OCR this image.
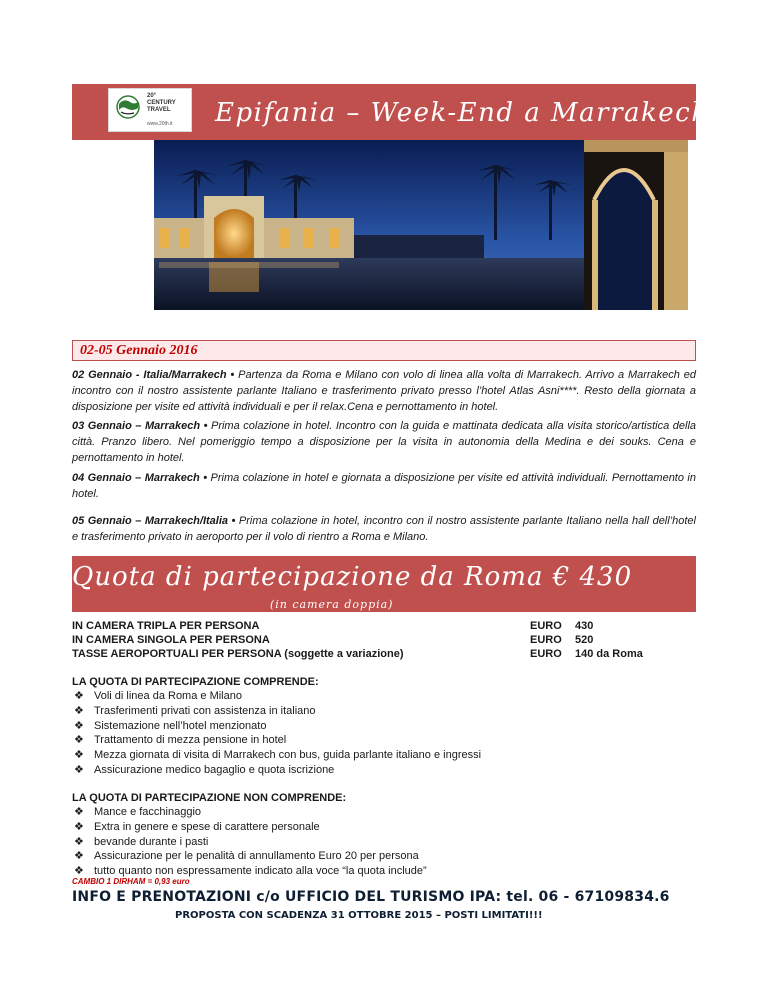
20°
CENTURY
TRAVEL
www.20th.it Epifania – Week-End a Marrakech
02-05 Gennaio 2016
02 Gennaio - Italia/Marrakech • Partenza da Roma e Milano con volo di linea alla volta di Marrakech. Arrivo a Marrakech ed incontro con il nostro assistente parlante Italiano e trasferimento privato presso l’hotel Atlas Asni****. Resto della giornata a disposizione per visite ed attività individuali e per il relax.Cena e pernottamento in hotel.
03 Gennaio – Marrakech • Prima colazione in hotel. Incontro con la guida e mattinata dedicata alla visita storico/artistica della città. Pranzo libero. Nel pomeriggio tempo a disposizione per la visita in autonomia della Medina e dei souks. Cena e pernottamento in hotel.
04 Gennaio – Marrakech • Prima colazione in hotel e giornata a disposizione per visite ed attività individuali. Pernottamento in hotel.
05 Gennaio – Marrakech/Italia • Prima colazione in hotel, incontro con il nostro assistente parlante Italiano nella hall dell’hotel e trasferimento privato in aeroporto per il volo di rientro a Roma e Milano.
Quota di partecipazione da Roma € 430
(in camera doppia)
IN CAMERA TRIPLA PER PERSONA	EURO 430
IN CAMERA SINGOLA PER PERSONA	EURO 520
TASSE AEROPORTUALI PER PERSONA (soggette a variazione)	EURO 140 da Roma
LA QUOTA DI PARTECIPAZIONE COMPRENDE:
❖ Voli di linea da Roma e Milano
❖ Trasferimenti privati con assistenza in italiano
❖ Sistemazione nell’hotel menzionato
❖ Trattamento di mezza pensione in hotel
❖ Mezza giornata di visita di Marrakech con bus, guida parlante italiano e ingressi
❖ Assicurazione medico bagaglio e quota iscrizione
LA QUOTA DI PARTECIPAZIONE NON COMPRENDE:
❖ Mance e facchinaggio
❖ Extra in genere e spese di carattere personale
❖ bevande durante i pasti
❖ Assicurazione per le penalità di annullamento Euro 20 per persona
❖ tutto quanto non espressamente indicato alla voce “la quota include”
CAMBIO 1 DIRHAM = 0,93 euro
INFO E PRENOTAZIONI c/o UFFICIO DEL TURISMO IPA: tel. 06 - 67109834.6
PROPOSTA CON SCADENZA 31 OTTOBRE 2015 – POSTI LIMITATI!!!
